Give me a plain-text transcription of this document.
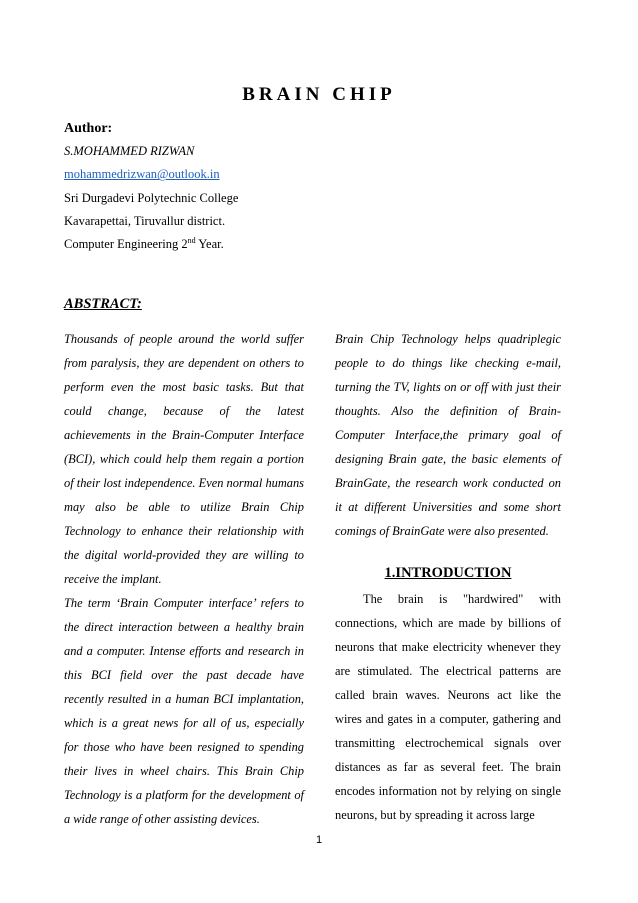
BRAIN CHIP
Author:
S.MOHAMMED RIZWAN
mohammedrizwan@outlook.in
Sri Durgadevi Polytechnic College
Kavarapettai, Tiruvallur district.
Computer Engineering 2nd Year.
ABSTRACT:

Thousands of people around the world suffer from paralysis, they are dependent on others to perform even the most basic tasks. But that could change, because of the latest achievements in the Brain-Computer Interface (BCI), which could help them regain a portion of their lost independence. Even normal humans may also be able to utilize Brain Chip Technology to enhance their relationship with the digital world-provided they are willing to receive the implant.

The term ‘Brain Computer interface’ refers to the direct interaction between a healthy brain and a computer. Intense efforts and research in this BCI field over the past decade have recently resulted in a human BCI implantation, which is a great news for all of us, especially for those who have been resigned to spending their lives in wheel chairs. This Brain Chip Technology is a platform for the development of a wide range of other assisting devices.

Brain Chip Technology helps quadriplegic people to do things like checking e-mail, turning the TV, lights on or off with just their thoughts. Also the definition of Brain-Computer Interface,the primary goal of designing Brain gate, the basic elements of BrainGate, the research work conducted on it at different Universities and some short comings of BrainGate were also presented.

1.INTRODUCTION

The brain is "hardwired" with connections, which are made by billions of neurons that make electricity whenever they are stimulated. The electrical patterns are called brain waves. Neurons act like the wires and gates in a computer, gathering and transmitting electrochemical signals over distances as far as several feet. The brain encodes information not by relying on single neurons, but by spreading it across large

1
